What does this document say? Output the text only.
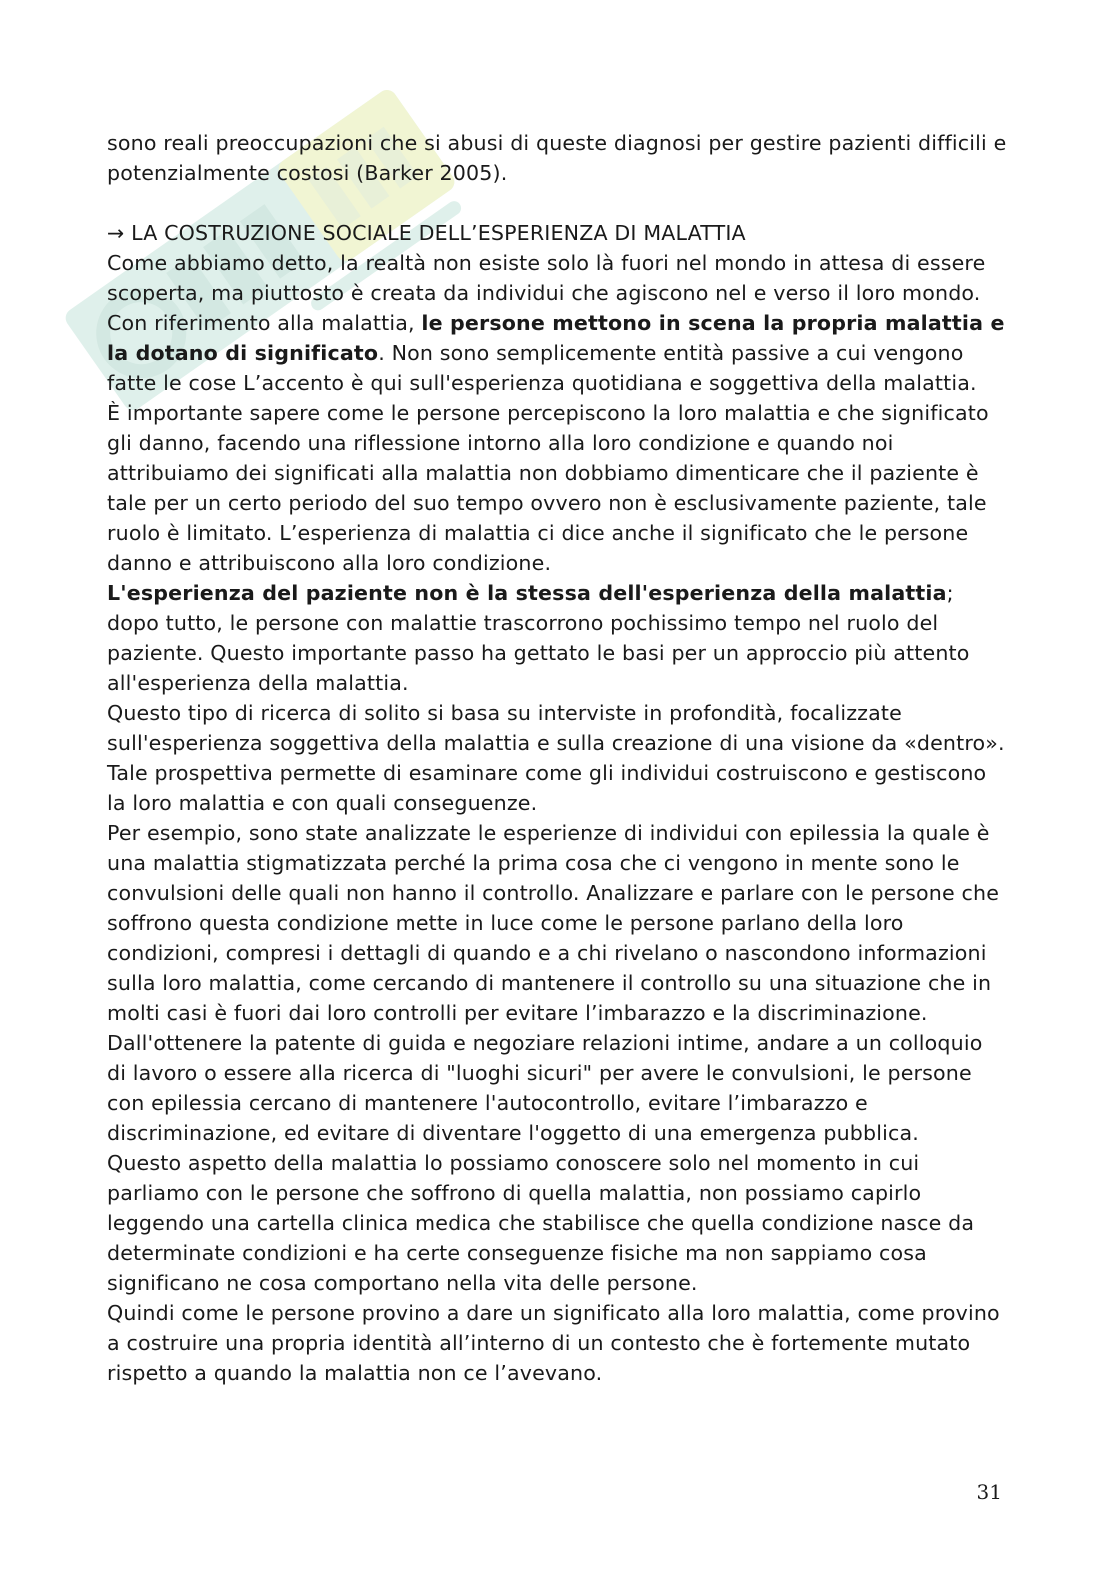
sono reali preoccupazioni che si abusi di queste diagnosi per gestire pazienti difficili e potenzialmente costosi (Barker 2005).

→ LA COSTRUZIONE SOCIALE DELL’ESPERIENZA DI MALATTIA

Come abbiamo detto, la realtà non esiste solo là fuori nel mondo in attesa di essere scoperta, ma piuttosto è creata da individui che agiscono nel e verso il loro mondo. Con riferimento alla malattia, le persone mettono in scena la propria malattia e la dotano di significato. Non sono semplicemente entità passive a cui vengono fatte le cose L’accento è qui sull'esperienza quotidiana e soggettiva della malattia.

È importante sapere come le persone percepiscono la loro malattia e che significato gli danno, facendo una riflessione intorno alla loro condizione e quando noi attribuiamo dei significati alla malattia non dobbiamo dimenticare che il paziente è tale per un certo periodo del suo tempo ovvero non è esclusivamente paziente, tale ruolo è limitato. L’esperienza di malattia ci dice anche il significato che le persone danno e attribuiscono alla loro condizione.

L'esperienza del paziente non è la stessa dell'esperienza della malattia; dopo tutto, le persone con malattie trascorrono pochissimo tempo nel ruolo del paziente. Questo importante passo ha gettato le basi per un approccio più attento all'esperienza della malattia.

Questo tipo di ricerca di solito si basa su interviste in profondità, focalizzate sull'esperienza soggettiva della malattia e sulla creazione di una visione da «dentro». Tale prospettiva permette di esaminare come gli individui costruiscono e gestiscono la loro malattia e con quali conseguenze.

Per esempio, sono state analizzate le esperienze di individui con epilessia la quale è una malattia stigmatizzata perché la prima cosa che ci vengono in mente sono le convulsioni delle quali non hanno il controllo. Analizzare e parlare con le persone che soffrono questa condizione mette in luce come le persone parlano della loro condizioni, compresi i dettagli di quando e a chi rivelano o nascondono informazioni sulla loro malattia, come cercando di mantenere il controllo su una situazione che in molti casi è fuori dai loro controlli per evitare l’imbarazzo e la discriminazione. Dall'ottenere la patente di guida e negoziare relazioni intime, andare a un colloquio di lavoro o essere alla ricerca di "luoghi sicuri" per avere le convulsioni, le persone con epilessia cercano di mantenere l'autocontrollo, evitare l’imbarazzo e discriminazione, ed evitare di diventare l'oggetto di una emergenza pubblica.

Questo aspetto della malattia lo possiamo conoscere solo nel momento in cui parliamo con le persone che soffrono di quella malattia, non possiamo capirlo leggendo una cartella clinica medica che stabilisce che quella condizione nasce da determinate condizioni e ha certe conseguenze fisiche ma non sappiamo cosa significano ne cosa comportano nella vita delle persone.

Quindi come le persone provino a dare un significato alla loro malattia, come provino a costruire una propria identità all’interno di un contesto che è fortemente mutato rispetto a quando la malattia non ce l’avevano.

31
